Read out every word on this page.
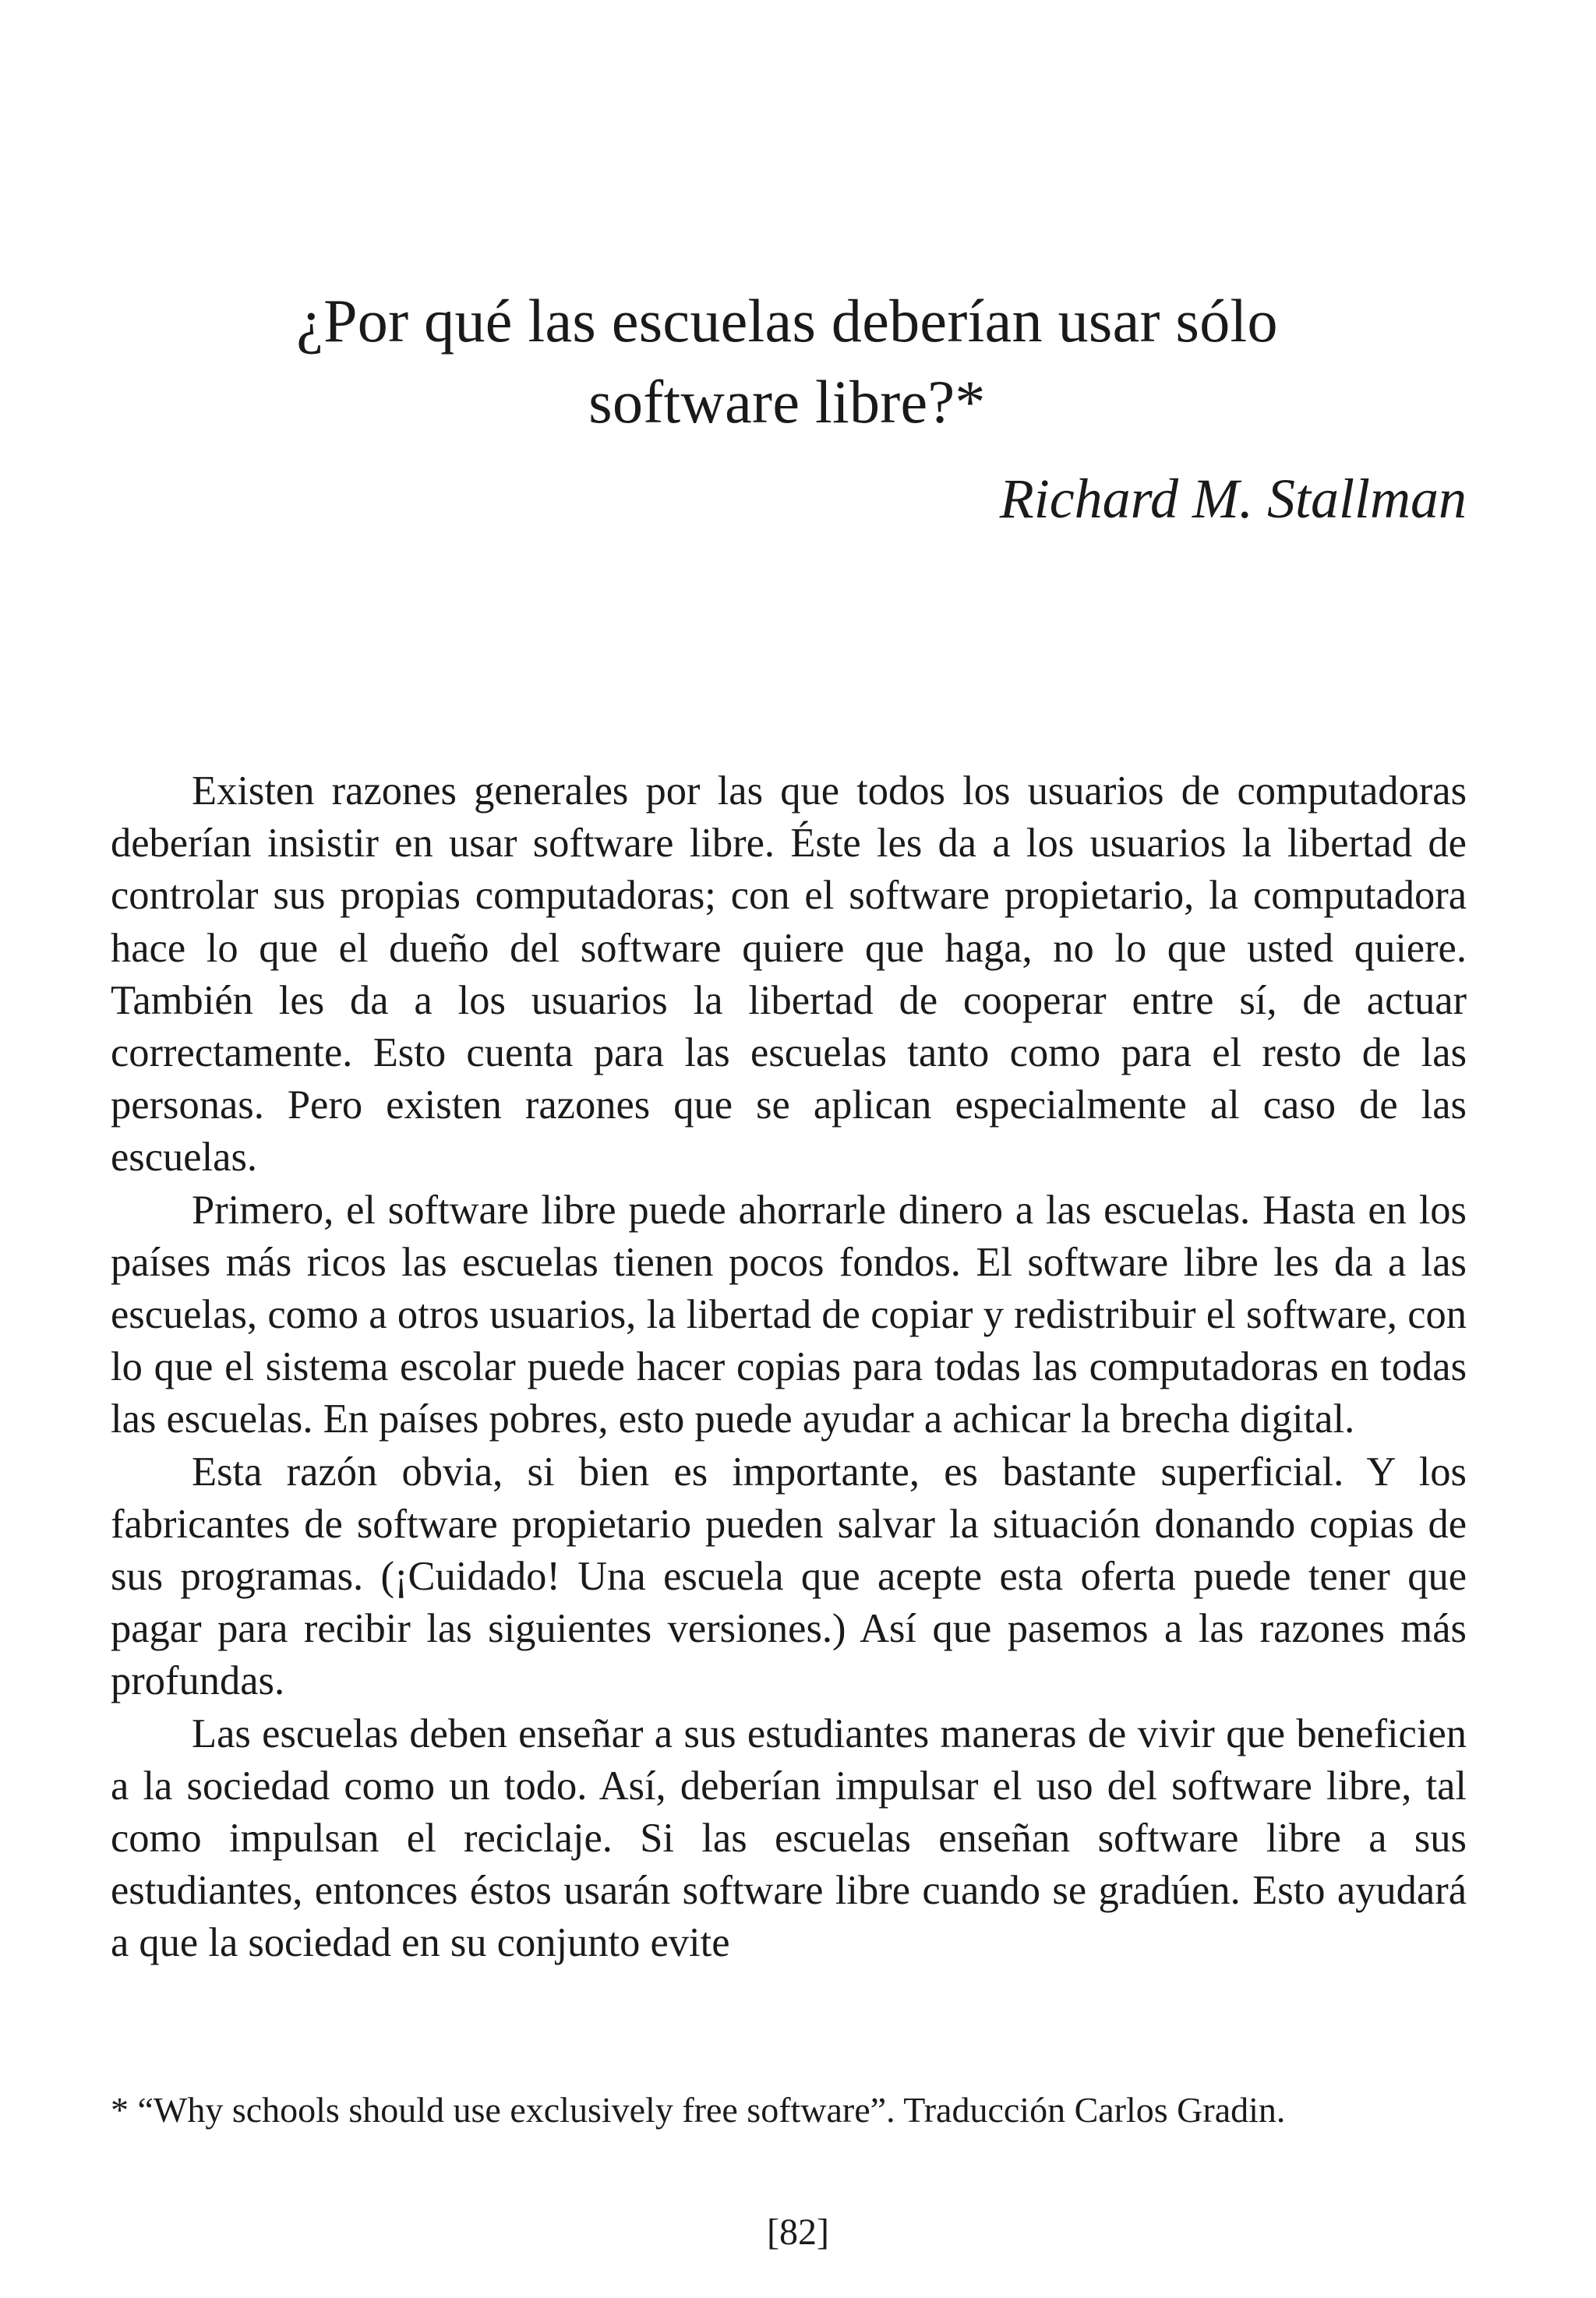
¿Por qué las escuelas deberían usar sólo
software libre?*

Richard M. Stallman

Existen razones generales por las que todos los usuarios de computadoras deberían insistir en usar software libre. Éste les da a los usuarios la libertad de controlar sus propias computadoras; con el software propietario, la computadora hace lo que el dueño del software quiere que haga, no lo que usted quiere. También les da a los usuarios la libertad de cooperar entre sí, de actuar correctamente. Esto cuenta para las escuelas tanto como para el resto de las personas. Pero existen razones que se aplican especialmente al caso de las escuelas.

Primero, el software libre puede ahorrarle dinero a las escuelas. Hasta en los países más ricos las escuelas tienen pocos fondos. El software libre les da a las escuelas, como a otros usuarios, la libertad de copiar y redistribuir el software, con lo que el sistema escolar puede hacer copias para todas las computadoras en todas las escuelas. En países pobres, esto puede ayudar a achicar la brecha digital.

Esta razón obvia, si bien es importante, es bastante superficial. Y los fabricantes de software propietario pueden salvar la situación donando copias de sus programas. (¡Cuidado! Una escuela que acepte esta oferta puede tener que pagar para recibir las siguientes versiones.) Así que pasemos a las razones más profundas.

Las escuelas deben enseñar a sus estudiantes maneras de vivir que beneficien a la sociedad como un todo. Así, deberían impulsar el uso del software libre, tal como impulsan el reciclaje. Si las escuelas enseñan software libre a sus estudiantes, entonces éstos usarán software libre cuando se gradúen. Esto ayudará a que la sociedad en su conjunto evite

* “Why schools should use exclusively free software”. Traducción Carlos Gradin.

[82]
